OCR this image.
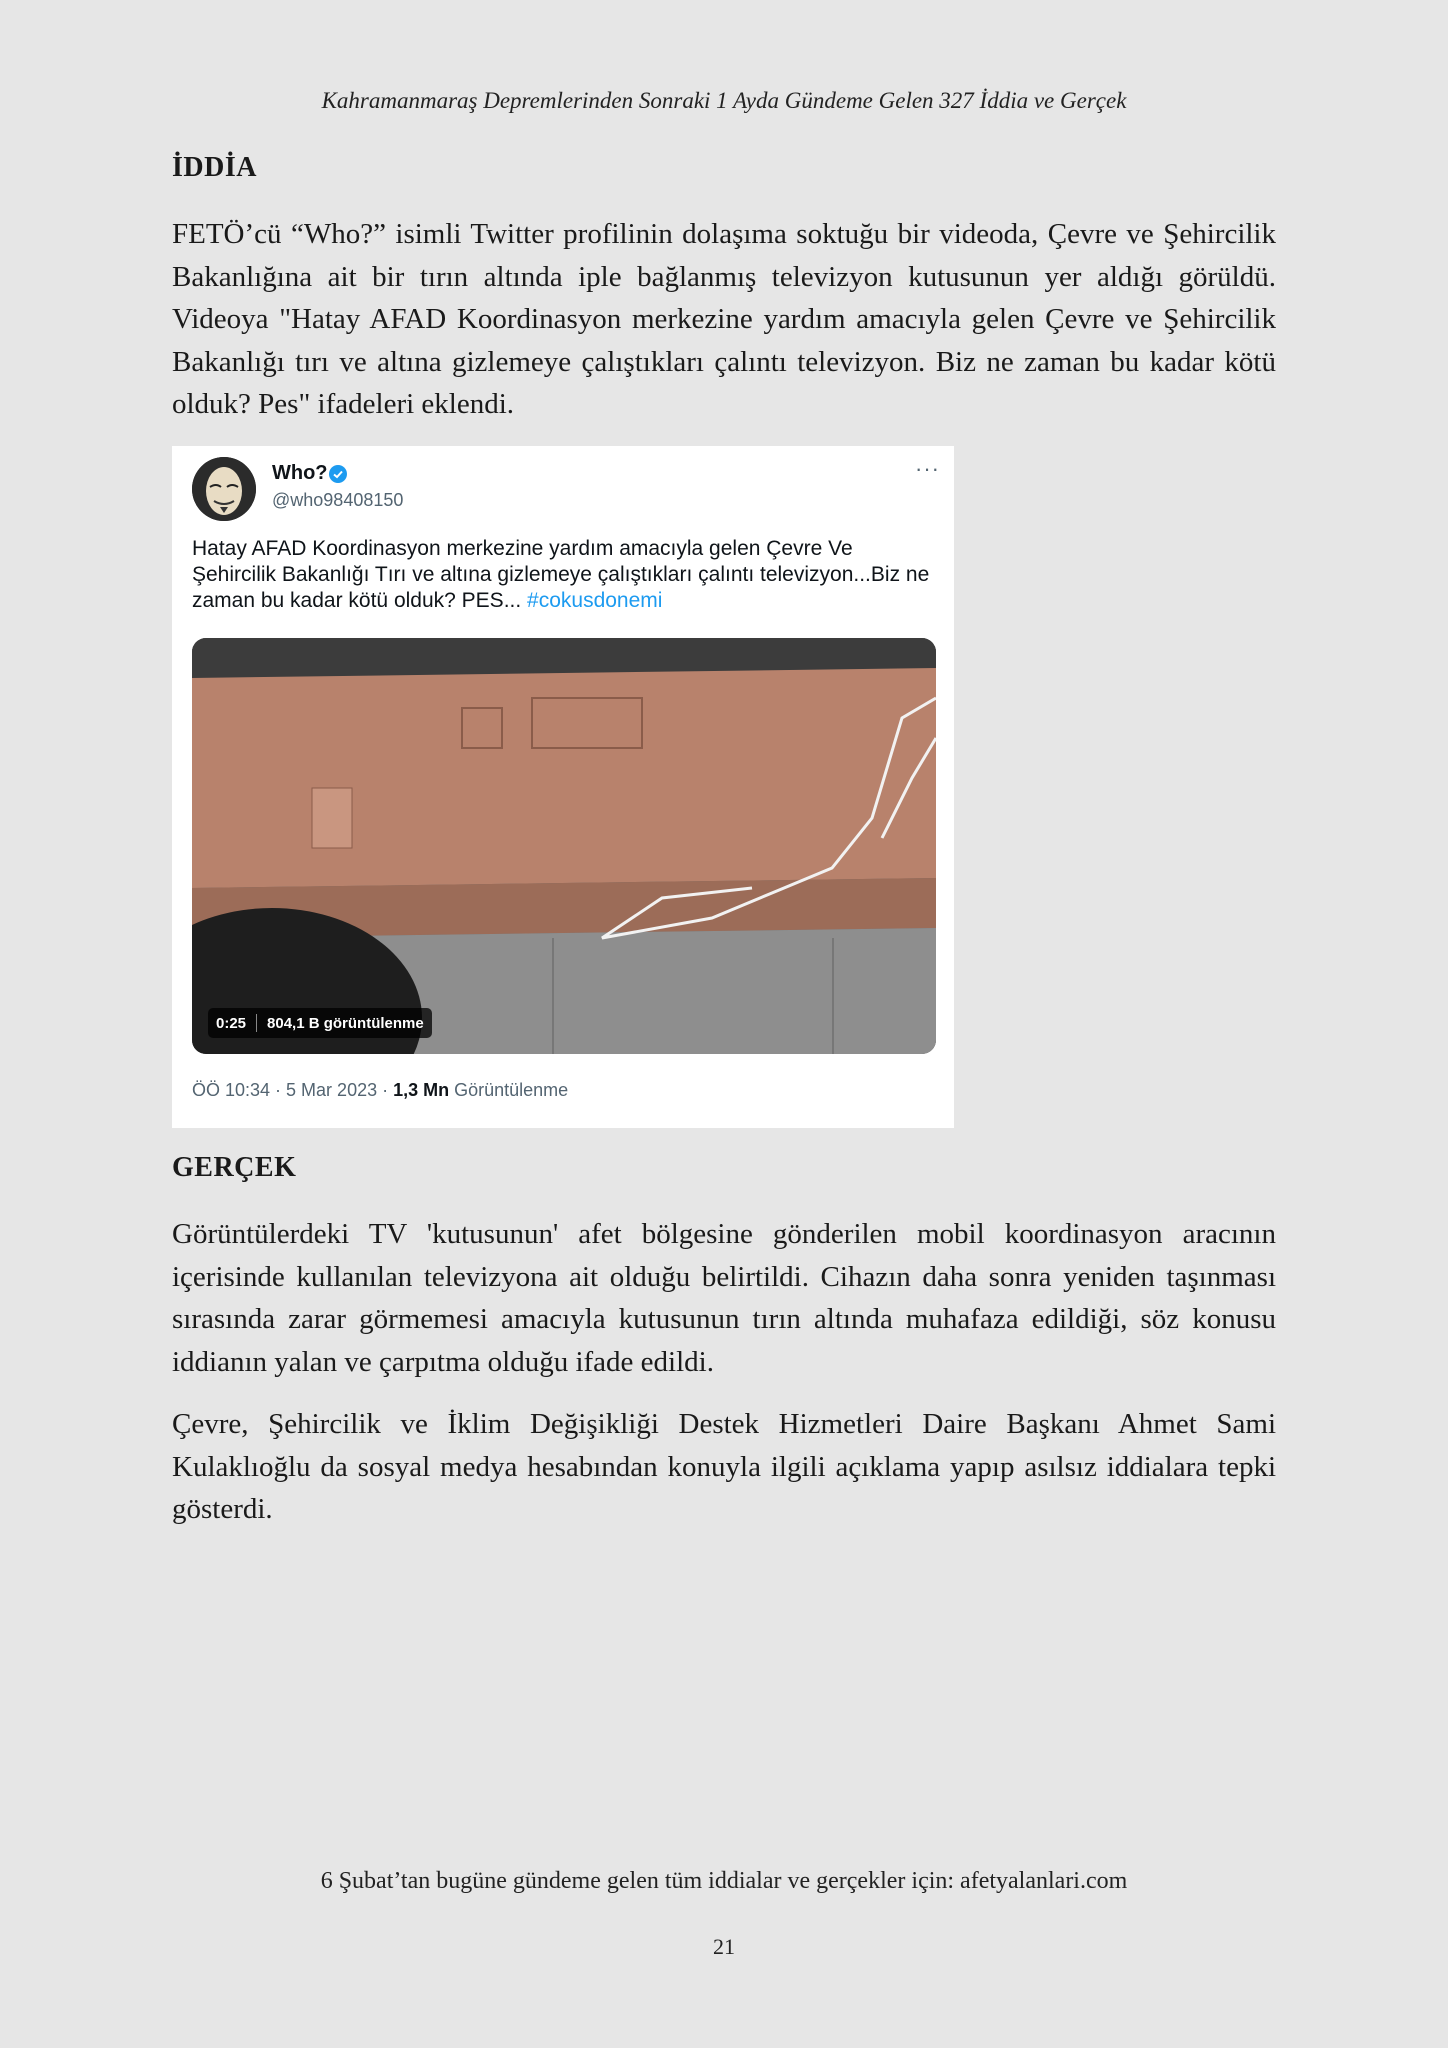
Kahramanmaraş Depremlerinden Sonraki 1 Ayda Gündeme Gelen 327 İddia ve Gerçek
İDDİA

FETÖ’cü “Who?” isimli Twitter profilinin dolaşıma soktuğu bir videoda, Çevre ve Şehircilik Bakanlığına ait bir tırın altında iple bağlanmış televizyon kutusunun yer aldığı görüldü. Videoya "Hatay AFAD Koordinasyon merkezine yardım amacıyla gelen Çevre ve Şehircilik Bakanlığı tırı ve altına gizlemeye çalıştıkları çalıntı televizyon. Biz ne zaman bu kadar kötü olduk? Pes" ifadeleri eklendi.

Who?
@who98408150
···
Hatay AFAD Koordinasyon merkezine yardım amacıyla gelen Çevre Ve Şehircilik Bakanlığı Tırı ve altına gizlemeye çalıştıkları çalıntı televizyon...Biz ne zaman bu kadar kötü olduk? PES... #cokusdonemi
0:25 804,1 B görüntülenme
ÖÖ 10:34 · 5 Mar 2023 · 1,3 Mn Görüntülenme
GERÇEK

Görüntülerdeki TV 'kutusunun' afet bölgesine gönderilen mobil koordinasyon aracının içerisinde kullanılan televizyona ait olduğu belirtildi. Cihazın daha sonra yeniden taşınması sırasında zarar görmemesi amacıyla kutusunun tırın altında muhafaza edildiği, söz konusu iddianın yalan ve çarpıtma olduğu ifade edildi.

Çevre, Şehircilik ve İklim Değişikliği Destek Hizmetleri Daire Başkanı Ahmet Sami Kulaklıoğlu da sosyal medya hesabından konuyla ilgili açıklama yapıp asılsız iddialara tepki gösterdi.

6 Şubat’tan bugüne gündeme gelen tüm iddialar ve gerçekler için: afetyalanlari.com
21
